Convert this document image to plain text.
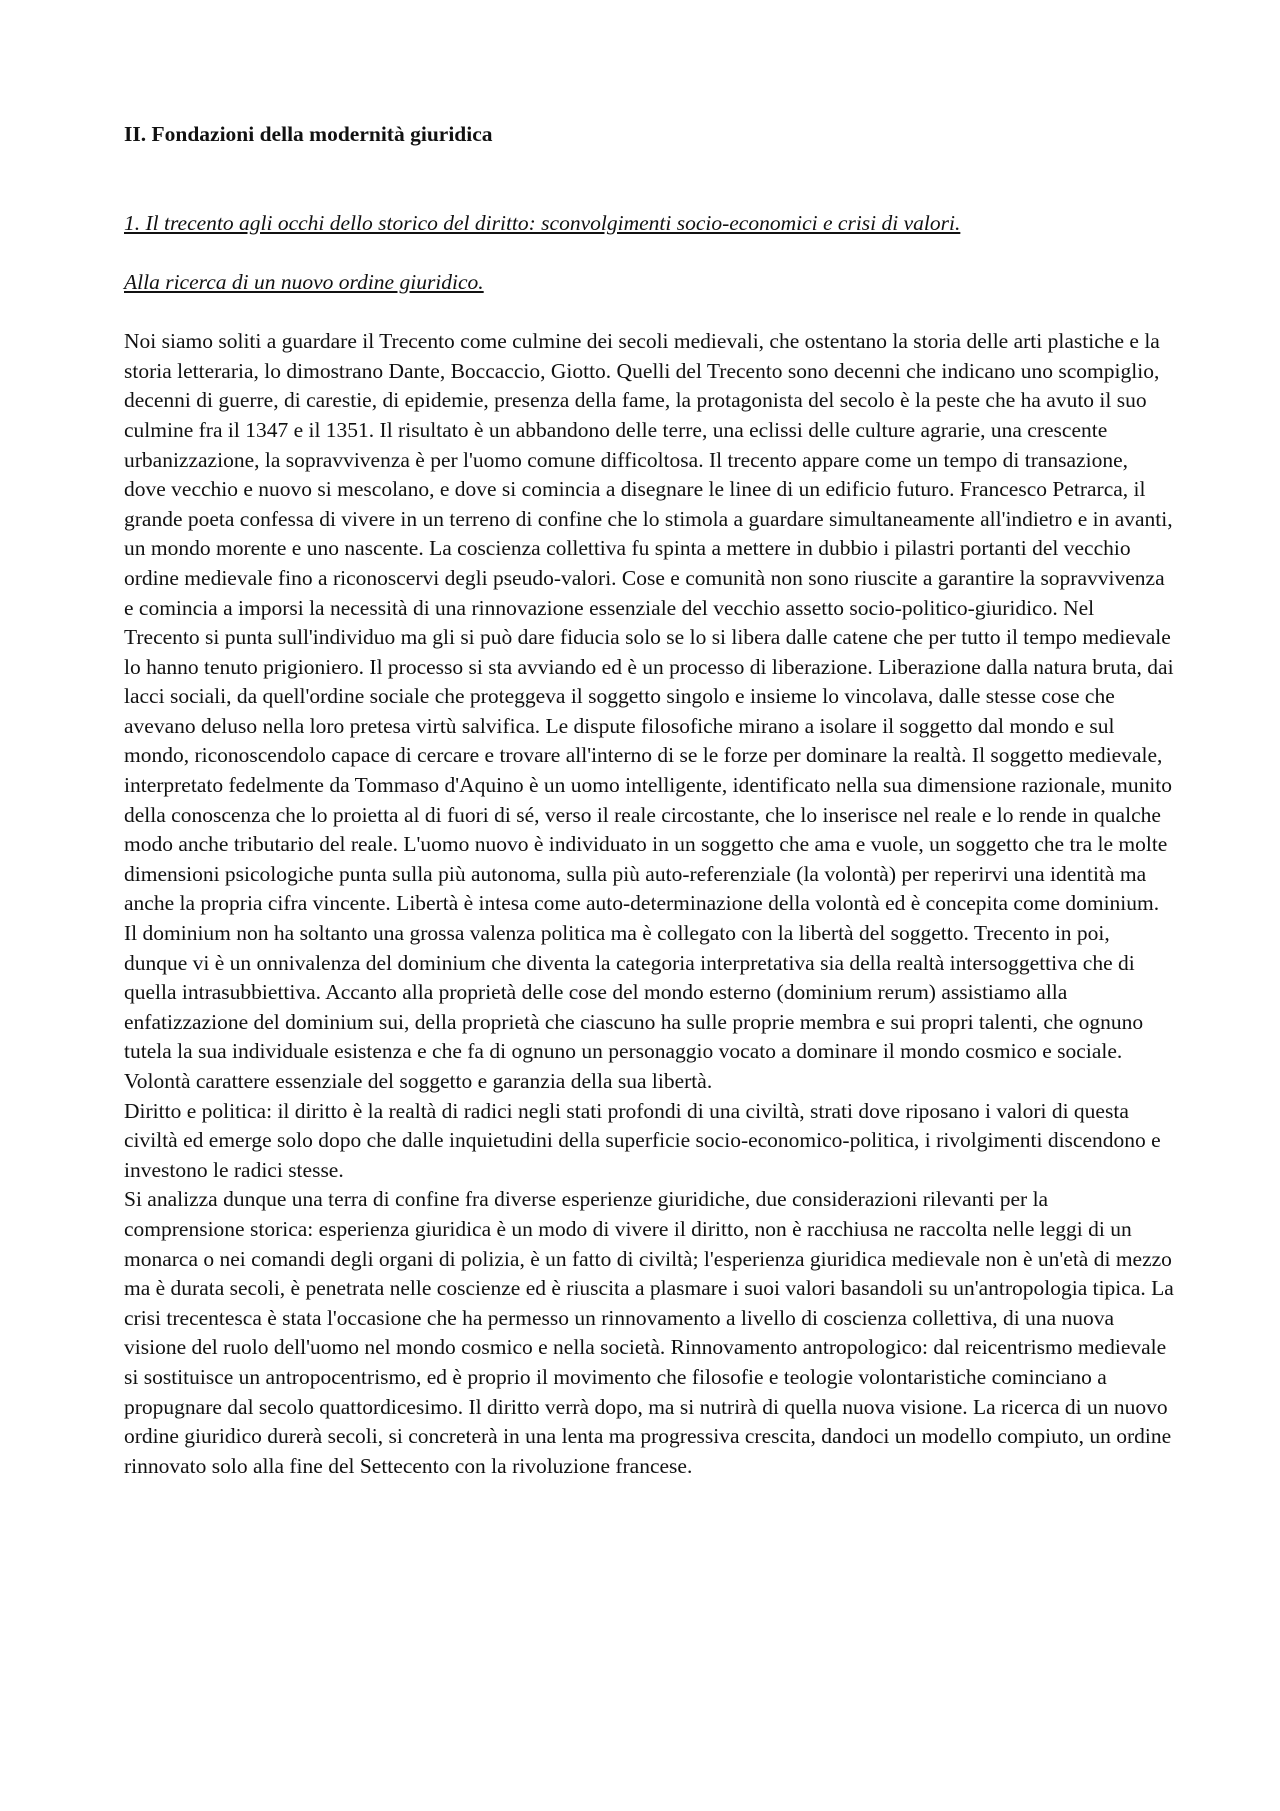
II. Fondazioni della modernità giuridica

1. Il trecento agli occhi dello storico del diritto: sconvolgimenti socio-economici e crisi di valori.

Alla ricerca di un nuovo ordine giuridico.

Noi siamo soliti a guardare il Trecento come culmine dei secoli medievali, che ostentano la storia delle arti plastiche e la storia letteraria, lo dimostrano Dante, Boccaccio, Giotto. Quelli del Trecento sono decenni che indicano uno scompiglio, decenni di guerre, di carestie, di epidemie, presenza della fame, la protagonista del secolo è la peste che ha avuto il suo culmine fra il 1347 e il 1351. Il risultato è un abbandono delle terre, una eclissi delle culture agrarie, una crescente urbanizzazione, la sopravvivenza è per l'uomo comune difficoltosa. Il trecento appare come un tempo di transazione, dove vecchio e nuovo si mescolano, e dove si comincia a disegnare le linee di un edificio futuro. Francesco Petrarca, il grande poeta confessa di vivere in un terreno di confine che lo stimola a guardare simultaneamente all'indietro e in avanti, un mondo morente e uno nascente. La coscienza collettiva fu spinta a mettere in dubbio i pilastri portanti del vecchio ordine medievale fino a riconoscervi degli pseudo-valori. Cose e comunità non sono riuscite a garantire la sopravvivenza e comincia a imporsi la necessità di una rinnovazione essenziale del vecchio assetto socio-politico-giuridico. Nel Trecento si punta sull'individuo ma gli si può dare fiducia solo se lo si libera dalle catene che per tutto il tempo medievale lo hanno tenuto prigioniero. Il processo si sta avviando ed è un processo di liberazione. Liberazione dalla natura bruta, dai lacci sociali, da quell'ordine sociale che proteggeva il soggetto singolo e insieme lo vincolava, dalle stesse cose che avevano deluso nella loro pretesa virtù salvifica. Le dispute filosofiche mirano a isolare il soggetto dal mondo e sul mondo, riconoscendolo capace di cercare e trovare all'interno di se le forze per dominare la realtà. Il soggetto medievale, interpretato fedelmente da Tommaso d'Aquino è un uomo intelligente, identificato nella sua dimensione razionale, munito della conoscenza che lo proietta al di fuori di sé, verso il reale circostante, che lo inserisce nel reale e lo rende in qualche modo anche tributario del reale. L'uomo nuovo è individuato in un soggetto che ama e vuole, un soggetto che tra le molte dimensioni psicologiche punta sulla più autonoma, sulla più auto-referenziale (la volontà) per reperirvi una identità ma anche la propria cifra vincente. Libertà è intesa come auto-determinazione della volontà ed è concepita come dominium. Il dominium non ha soltanto una grossa valenza politica ma è collegato con la libertà del soggetto. Trecento in poi, dunque vi è un onnivalenza del dominium che diventa la categoria interpretativa sia della realtà intersoggettiva che di quella intrasubbiettiva. Accanto alla proprietà delle cose del mondo esterno (dominium rerum) assistiamo alla enfatizzazione del dominium sui, della proprietà che ciascuno ha sulle proprie membra e sui propri talenti, che ognuno tutela la sua individuale esistenza e che fa di ognuno un personaggio vocato a dominare il mondo cosmico e sociale. Volontà carattere essenziale del soggetto e garanzia della sua libertà.

Diritto e politica: il diritto è la realtà di radici negli stati profondi di una civiltà, strati dove riposano i valori di questa civiltà ed emerge solo dopo che dalle inquietudini della superficie socio-economico-politica, i rivolgimenti discendono e investono le radici stesse.

Si analizza dunque una terra di confine fra diverse esperienze giuridiche, due considerazioni rilevanti per la comprensione storica: esperienza giuridica è un modo di vivere il diritto, non è racchiusa ne raccolta nelle leggi di un monarca o nei comandi degli organi di polizia, è un fatto di civiltà; l'esperienza giuridica medievale non è un'età di mezzo ma è durata secoli, è penetrata nelle coscienze ed è riuscita a plasmare i suoi valori basandoli su un'antropologia tipica. La crisi trecentesca è stata l'occasione che ha permesso un rinnovamento a livello di coscienza collettiva, di una nuova visione del ruolo dell'uomo nel mondo cosmico e nella società. Rinnovamento antropologico: dal reicentrismo medievale si sostituisce un antropocentrismo, ed è proprio il movimento che filosofie e teologie volontaristiche cominciano a propugnare dal secolo quattordicesimo. Il diritto verrà dopo, ma si nutrirà di quella nuova visione. La ricerca di un nuovo ordine giuridico durerà secoli, si concreterà in una lenta ma progressiva crescita, dandoci un modello compiuto, un ordine rinnovato solo alla fine del Settecento con la rivoluzione francese.
